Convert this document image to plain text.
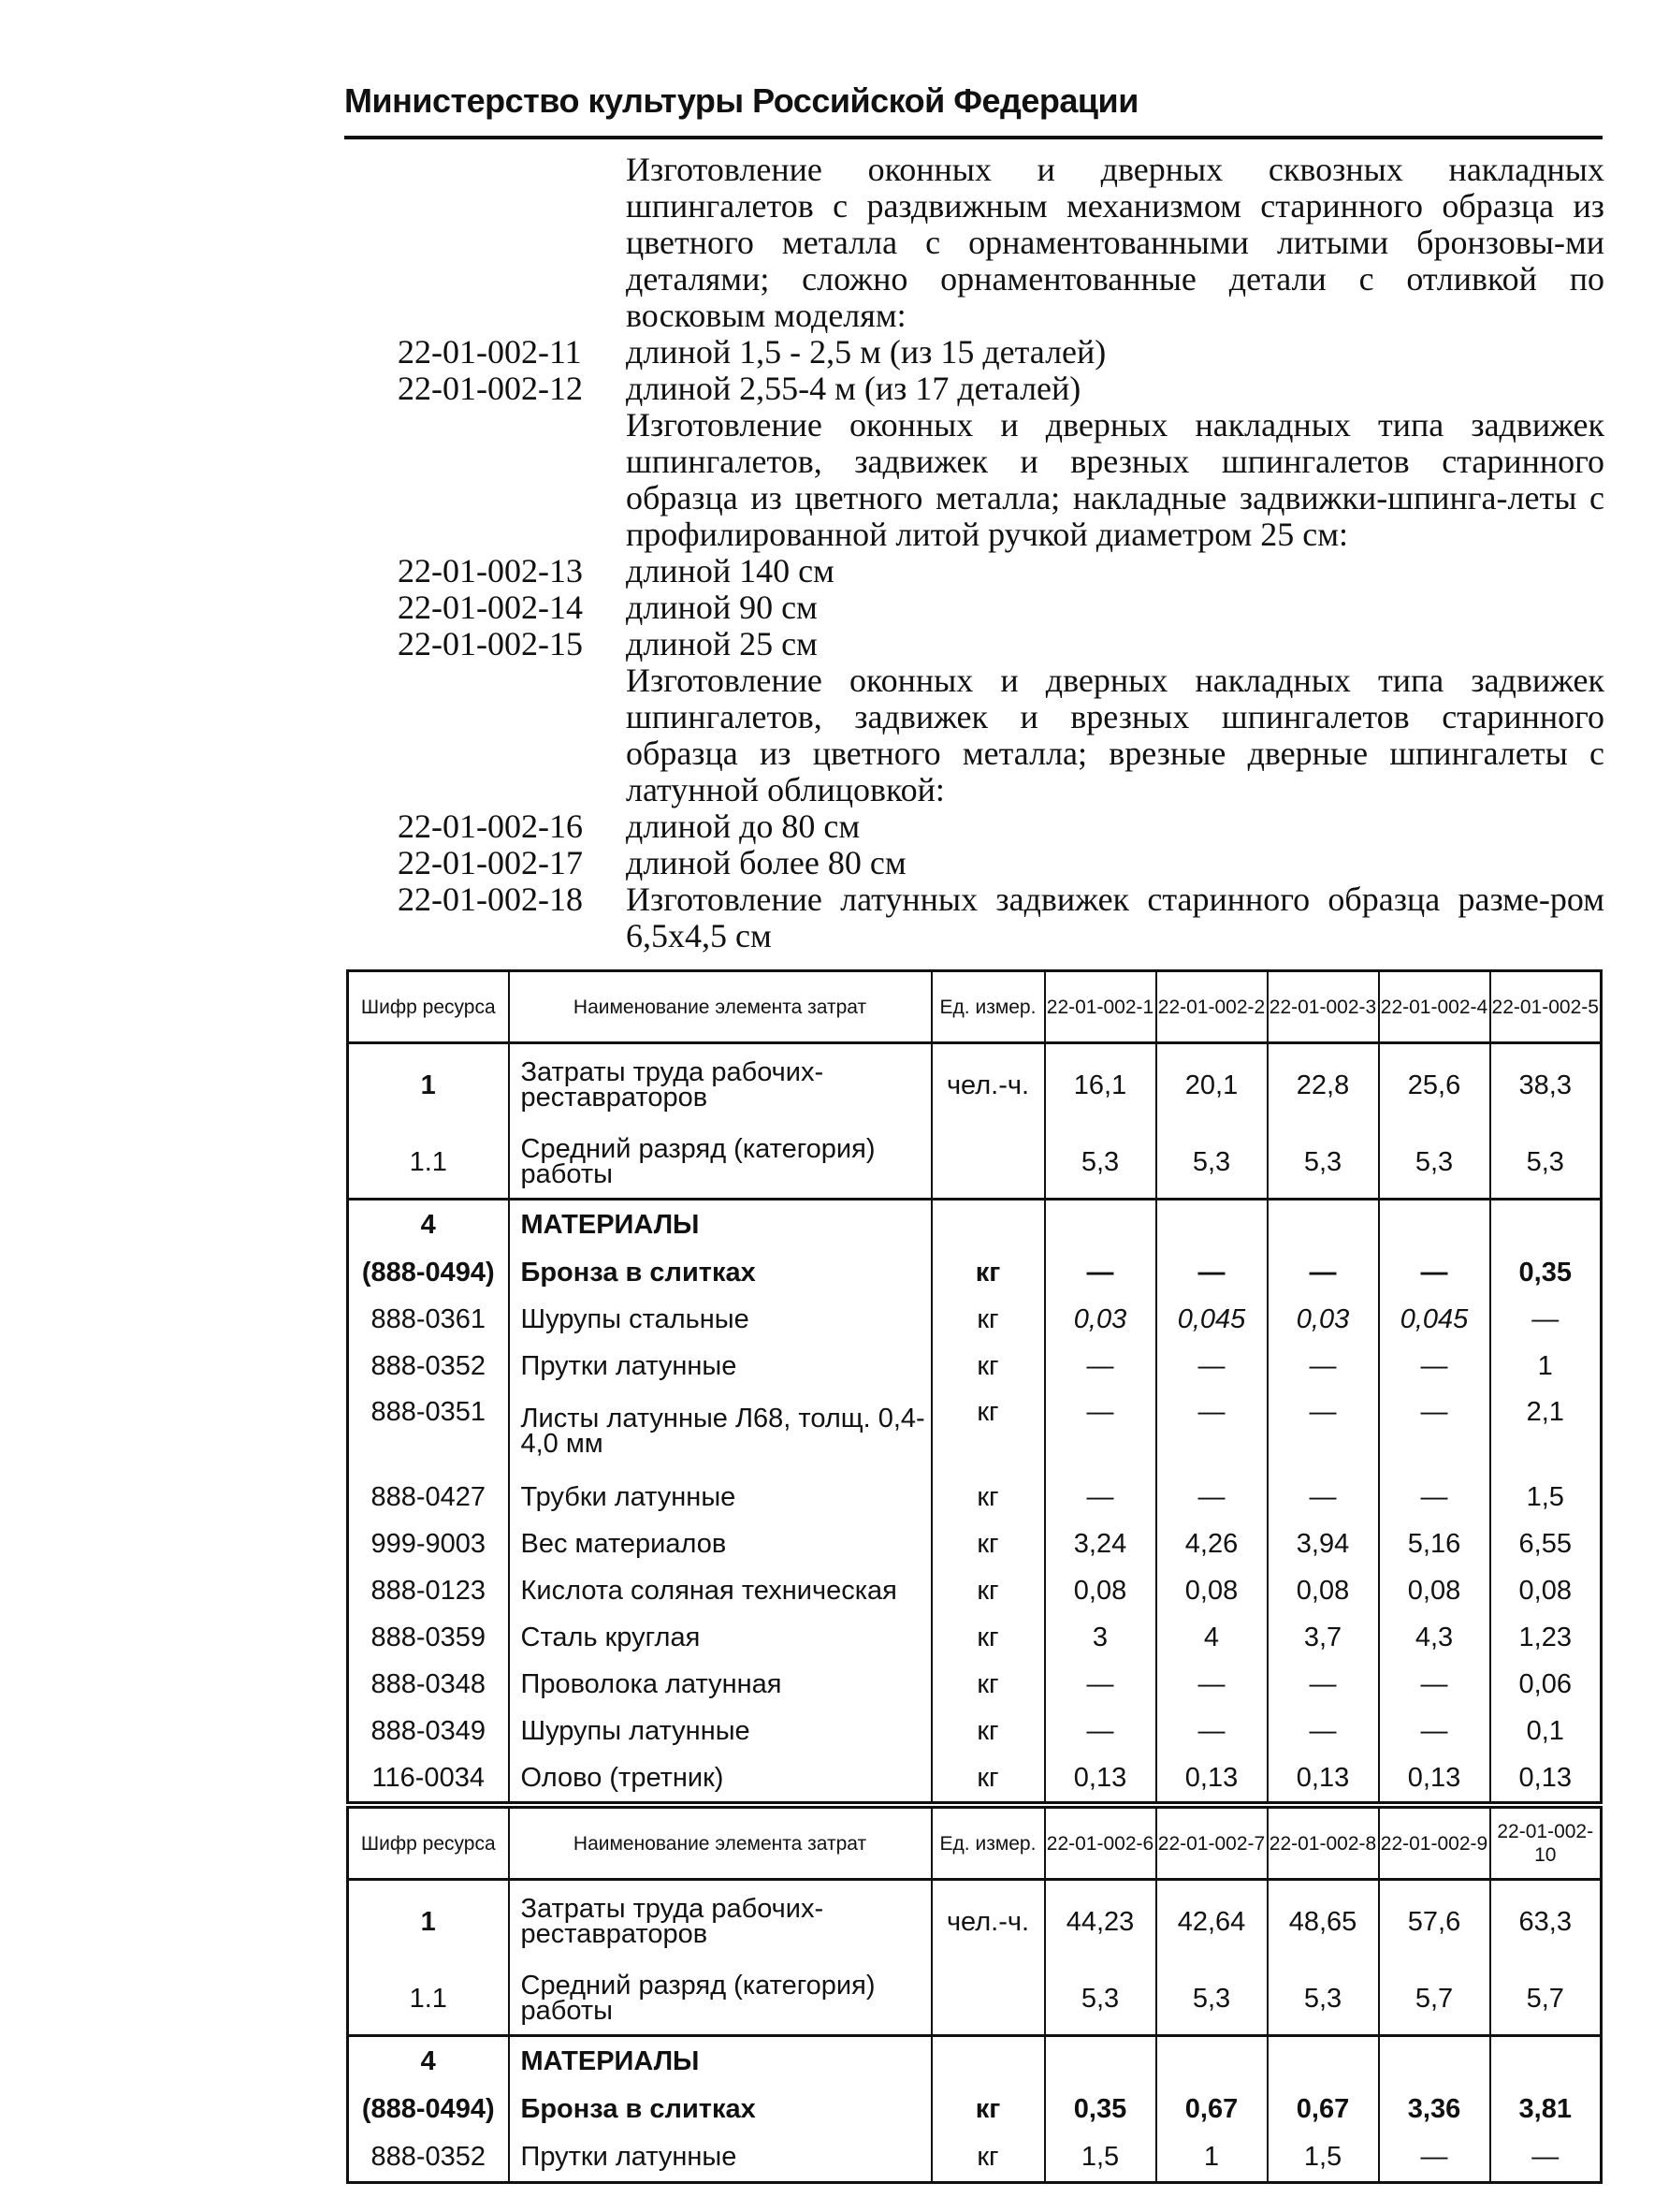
Министерство культуры Российской Федерации
Изготовление оконных и дверных сквозных накладных шпингалетов с раздвижным механизмом старинного образца из цветного металла с орнаментованными литыми бронзовы-ми деталями; сложно орнаментованные детали с отливкой по восковым моделям:
22-01-002-11	длиной 1,5 - 2,5 м (из 15 деталей)
22-01-002-12	длиной 2,55-4 м (из 17 деталей)
Изготовление оконных и дверных накладных типа задвижек шпингалетов, задвижек и врезных шпингалетов старинного образца из цветного металла; накладные задвижки-шпинга-леты с профилированной литой ручкой диаметром 25 см:
22-01-002-13	длиной 140 см
22-01-002-14	длиной 90 см
22-01-002-15	длиной 25 см
Изготовление оконных и дверных накладных типа задвижек шпингалетов, задвижек и врезных шпингалетов старинного образца из цветного металла; врезные дверные шпингалеты с латунной облицовкой:
22-01-002-16	длиной до 80 см
22-01-002-17	длиной более 80 см
22-01-002-18	Изготовление латунных задвижек старинного образца разме-ром 6,5х4,5 см
Шифр ресурса	Наименование элемента затрат	Ед. измер.	22-01-002-1	22-01-002-2	22-01-002-3	22-01-002-4	22-01-002-5
1	Затраты труда рабочих-реставраторов	чел.-ч.	16,1	20,1	22,8	25,6	38,3
1.1	Средний разряд (категория) работы		5,3	5,3	5,3	5,3	5,3
4	МАТЕРИАЛЫ						
(888-0494)	Бронза в слитках	кг	—	—	—	—	0,35
888-0361	Шурупы стальные	кг	0,03	0,045	0,03	0,045	—
888-0352	Прутки латунные	кг	—	—	—	—	1
888-0351	Листы латунные Л68, толщ. 0,4-4,0 мм	кг	—	—	—	—	2,1
888-0427	Трубки латунные	кг	—	—	—	—	1,5
999-9003	Вес материалов	кг	3,24	4,26	3,94	5,16	6,55
888-0123	Кислота соляная техническая	кг	0,08	0,08	0,08	0,08	0,08
888-0359	Сталь круглая	кг	3	4	3,7	4,3	1,23
888-0348	Проволока латунная	кг	—	—	—	—	0,06
888-0349	Шурупы латунные	кг	—	—	—	—	0,1
116-0034	Олово (третник)	кг	0,13	0,13	0,13	0,13	0,13
Шифр ресурса	Наименование элемента затрат	Ед. измер.	22-01-002-6	22-01-002-7	22-01-002-8	22-01-002-9	22-01-002-10
1	Затраты труда рабочих-реставраторов	чел.-ч.	44,23	42,64	48,65	57,6	63,3
1.1	Средний разряд (категория) работы		5,3	5,3	5,3	5,7	5,7
4	МАТЕРИАЛЫ						
(888-0494)	Бронза в слитках	кг	0,35	0,67	0,67	3,36	3,81
888-0352	Прутки латунные	кг	1,5	1	1,5	—	—
